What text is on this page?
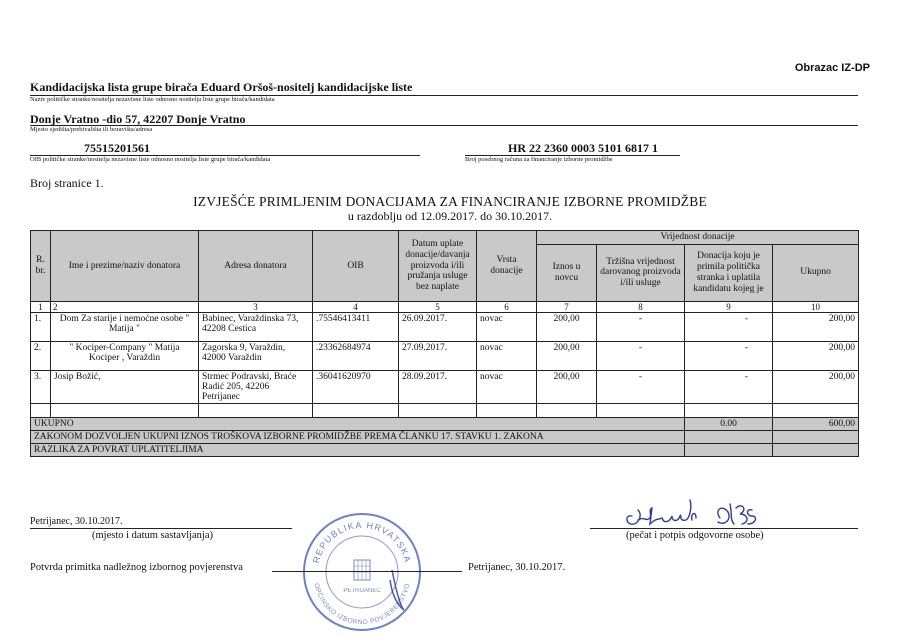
Obrazac IZ-DP
Kandidacijska lista grupe birača Eduard Oršoš-nositelj kandidacijske liste
Naziv političke stranke/nositelja nezavisne liste odnosno nositelja liste grupe birača/kandidata
Donje Vratno -dio 57, 42207 Donje Vratno
Mjesto sjedišta/prebivališta ili boravišta/adresa
75515201561
OIB političke stranke/nositelja nezavisne liste odnosno nositelja liste grupe birača/kandidata
HR 22 2360 0003 5101 6817 1
Broj posebnog računa za financiranje izborne promidžbe
Broj stranice 1.
IZVJEŠĆE PRIMLJENIM DONACIJAMA ZA FINANCIRANJE IZBORNE PROMIDŽBE
u razdoblju od 12.09.2017. do 30.10.2017.
R. br.	Ime i prezime/naziv donatora	Adresa donatora	OIB	Datum uplate donacije/davanja proizvoda i/ili pružanja usluge bez naplate	Vrsta donacije	Vrijednost donacije			
						Iznos u novcu	Tržišna vrijednost darovanog proizvoda i/ili usluge	Donacija koju je primila politička stranka i uplatila kandidatu kojeg je	Ukupno
1	2	3	4	5	6	7	8	9	10
1.	Dom Za starije i nemoćne osobe " Matija "	Babinec, Varaždinska 73, 42208 Cestica	.75546413411	26.09.2017.	novac	200,00	-	-	200,00
2.	" Kociper-Company " Matija Kociper , Varaždin	Zagorska 9, Varaždin, 42000 Varaždin	.23362684974	27.09.2017.	novac	200,00	-	-	200,00
3.	Josip Božić,	Strmec Podravski, Braće Radić 205, 42206 Petrijanec	.36041620970	28.09.2017.	novac	200,00	-	-	200,00

UKUPNO								0.00	600,00
ZAKONOM DOZVOLJEN UKUPNI IZNOS TROŠKOVA IZBORNE PROMIDŽBE PREMA ČLANKU 17. STAVKU 1. ZAKONA									
RAZLIKA ZA POVRAT UPLATITELJIMA									
Petrijanec, 30.10.2017.
(mjesto i datum sastavljanja)	(pečat i potpis odgovorne osobe)
REPUBLIKA HRVATSKA
OPĆINSKO IZBORNO POVJERENSTVO
PETRIJANEC
Potvrda primitka nadležnog izbornog povjerenstva	Petrijanec, 30.10.2017.
